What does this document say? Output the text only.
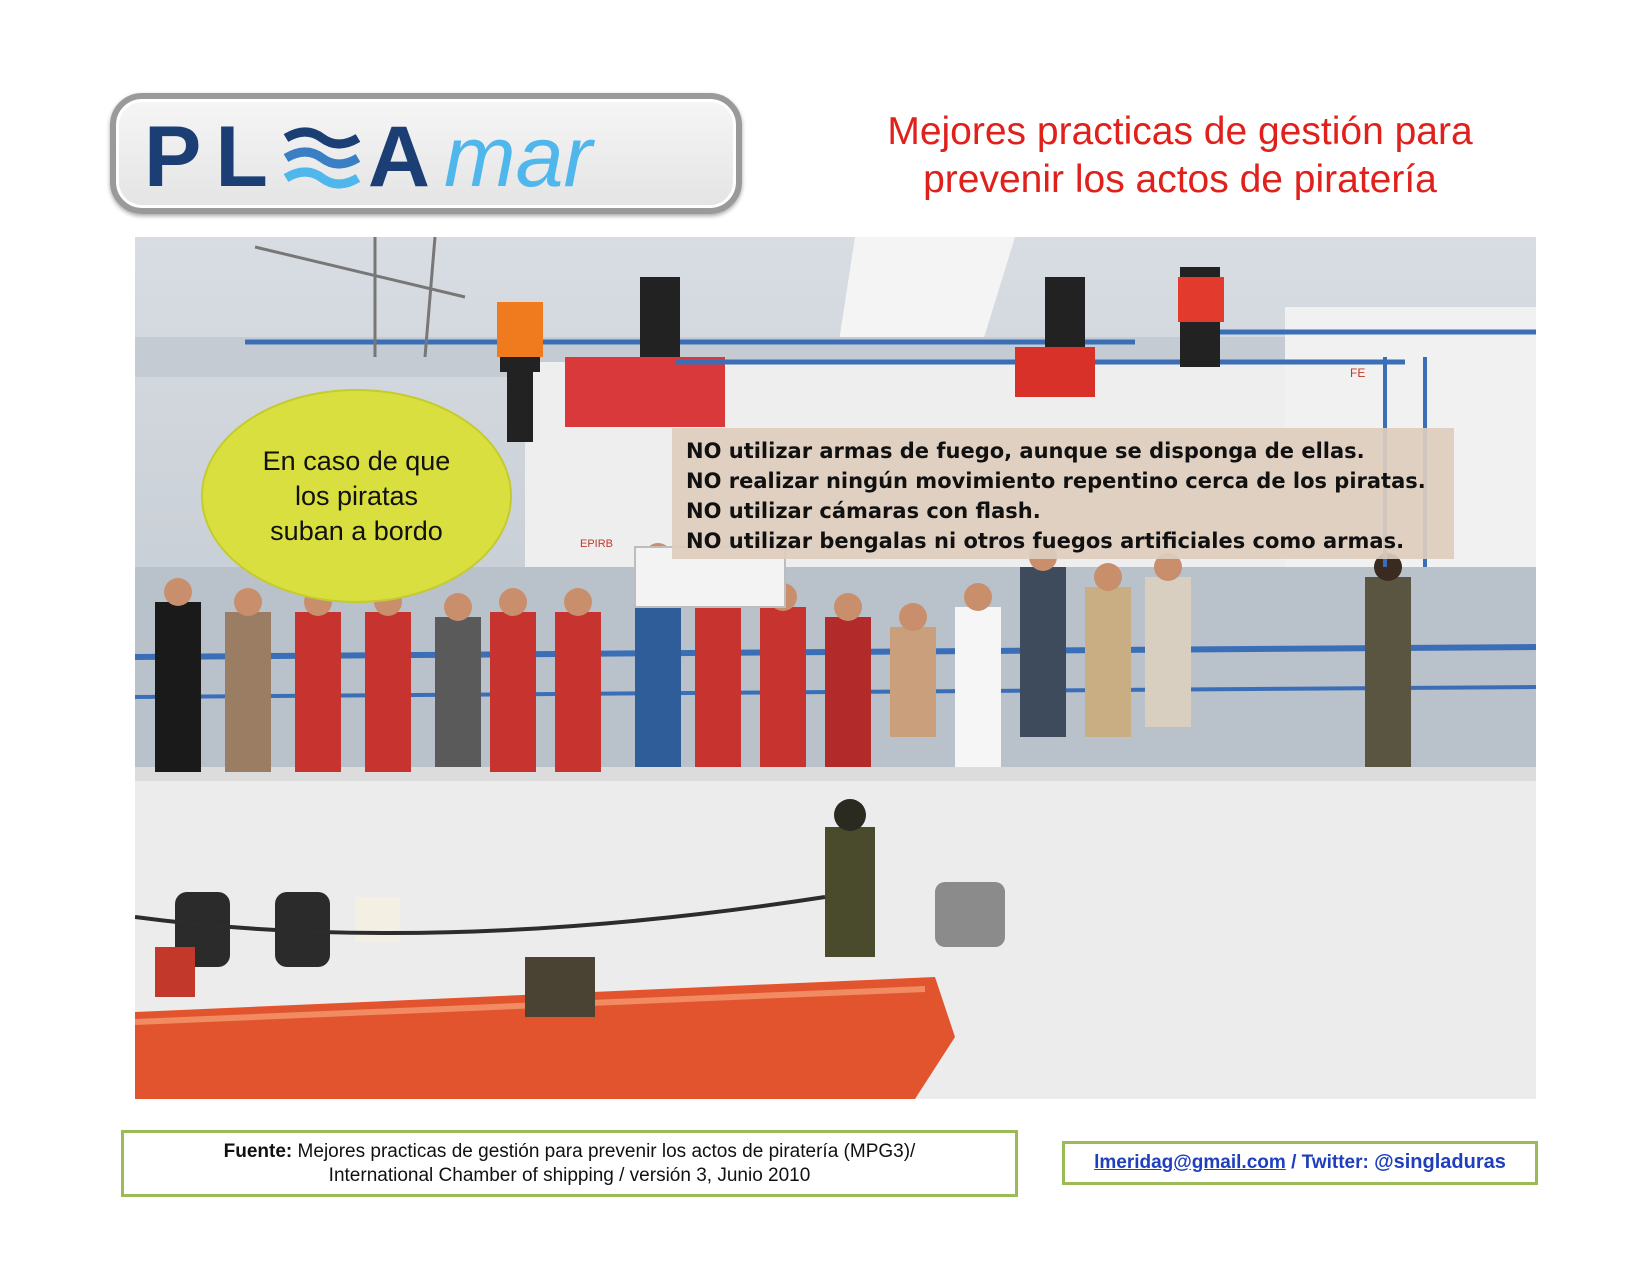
PL Amar	Mejores practicas de gestión para
prevenir los actos de piratería
EPIRB
FE
En caso de que los piratas suban a bordo
NO utilizar armas de fuego, aunque se disponga de ellas.
NO realizar ningún movimiento repentino cerca de los piratas.
NO utilizar cámaras con flash.
NO utilizar bengalas ni otros fuegos artificiales como armas.
Fuente: Mejores practicas de gestión para prevenir los actos de piratería (MPG3)/
International Chamber of shipping / versión 3, Junio 2010
lmeridag@gmail.com / Twitter: @singladuras
